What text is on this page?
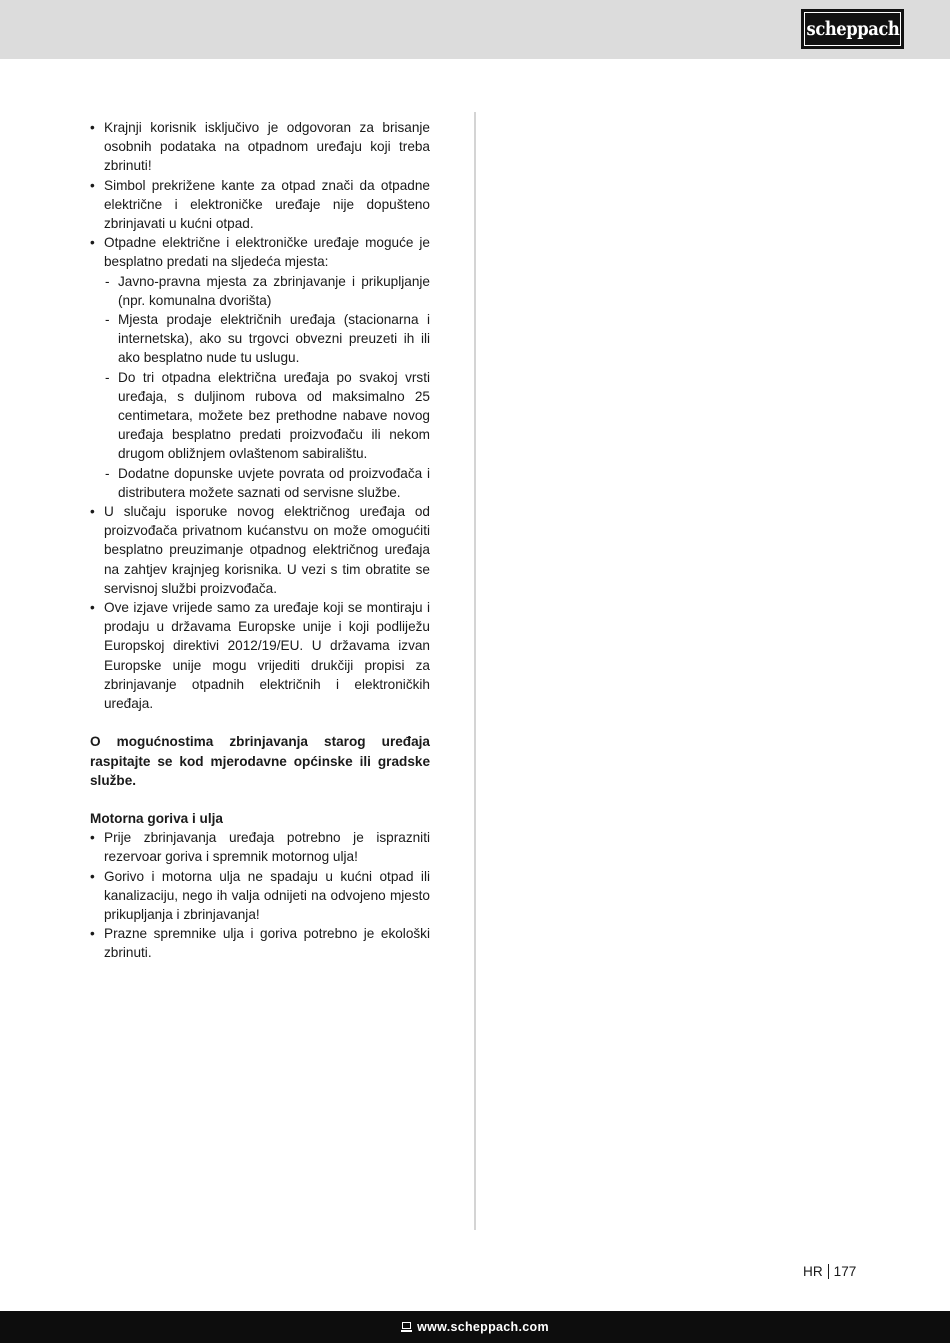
scheppach
• Krajnji korisnik isključivo je odgovoran za brisanje osobnih podataka na otpadnom uređaju koji treba zbrinuti!
• Simbol prekrižene kante za otpad znači da otpadne električne i elektroničke uređaje nije dopušteno zbrinjavati u kućni otpad.
• Otpadne električne i elektroničke uređaje moguće je besplatno predati na sljedeća mjesta:
- Javno-pravna mjesta za zbrinjavanje i prikupljanje (npr. komunalna dvorišta)
- Mjesta prodaje električnih uređaja (stacionarna i internetska), ako su trgovci obvezni preuzeti ih ili ako besplatno nude tu uslugu.
- Do tri otpadna električna uređaja po svakoj vrsti uređaja, s duljinom rubova od maksimalno 25 centimetara, možete bez prethodne nabave novog uređaja besplatno predati proizvođaču ili nekom drugom obližnjem ovlaštenom sabiralištu.
- Dodatne dopunske uvjete povrata od proizvođača i distributera možete saznati od servisne službe.
• U slučaju isporuke novog električnog uređaja od proizvođača privatnom kućanstvu on može omogućiti besplatno preuzimanje otpadnog električnog uređaja na zahtjev krajnjeg korisnika. U vezi s tim obratite se servisnoj službi proizvođača.
• Ove izjave vrijede samo za uređaje koji se montiraju i prodaju u državama Europske unije i koji podliježu Europskoj direktivi 2012/19/EU. U državama izvan Europske unije mogu vrijediti drukčiji propisi za zbrinjavanje otpadnih električnih i elektroničkih uređaja.

O mogućnostima zbrinjavanja starog uređaja raspitajte se kod mjerodavne općinske ili gradske službe.

Motorna goriva i ulja
• Prije zbrinjavanja uređaja potrebno je isprazniti rezervoar goriva i spremnik motornog ulja!
• Gorivo i motorna ulja ne spadaju u kućni otpad ili kanalizaciju, nego ih valja odnijeti na odvojeno mjesto prikupljanja i zbrinjavanja!
• Prazne spremnike ulja i goriva potrebno je ekološki zbrinuti.
HR 177
www.scheppach.com
